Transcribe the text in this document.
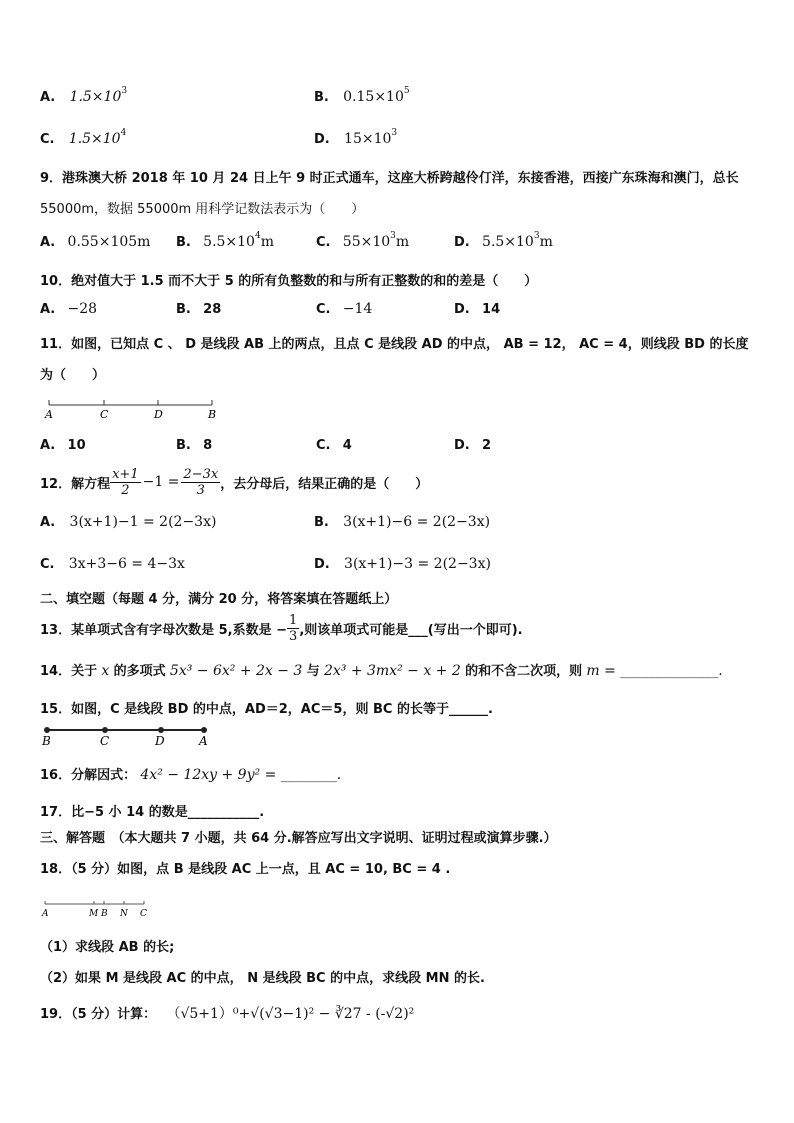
A. $1.5\times 10^3$	B. $0.15\times 10^5$
C. $1.5\times 10^4$	D. $15\times 10^3$
9．港珠澳大桥 2018 年 10 月 24 日上午 9 时正式通车，这座大桥跨越伶仃洋，东接香港，西接广东珠海和澳门，总长
55000m，数据 55000m 用科学记数法表示为（　　）
A. 0.55×105m B. $5.5\times 10^4m$	C. $55\times 10^3m$	D. $5.5\times 10^3m$
10．绝对值大于 1.5 而不大于 5 的所有负整数的和与所有正整数的和的差是（　　）
A. −28	B. 28	C. −14	D. 14
11．如图，已知点 C 、 D 是线段 AB 上的两点，且点 C 是线段 AD 的中点， AB = 12， AC = 4，则线段 BD 的长度
为（　　）
A	C	D	B
A. 10	B. 8	C. 4	D. 2
12．解方程 $\frac{x+1}{2} -1 = \frac{2-3x}{3}$ ，去分母后，结果正确的是（　　）
A. 3(x+1)−1 = 2(2−3x)	B. 3(x+1)−6 = 2(2−3x)
C. 3x+3−6 = 4−3x	D. 3(x+1)−3 = 2(2−3x)
二、填空题（每题 4 分，满分 20 分，将答案填在答题纸上）
13．某单项式含有字母次数是 5,系数是 − $\frac{1}{3}$ ,则该单项式可能是___(写出一个即可).
14．关于 x 的多项式 5x³ − 6x² + 2x − 3 与 2x³ + 3mx² − x + 2 的和不含二次项，则 m = ______________.
15．如图，C 是线段 BD 的中点，AD＝2，AC＝5，则 BC 的长等于______.
B	C	D	A
16．分解因式： 4x² − 12xy + 9y² = ________.
17．比−5 小 14 的数是___________.
三、解答题　（本大题共 7 小题，共 64 分.解答应写出文字说明、证明过程或演算步骤.）
18．（5 分）如图，点 B 是线段 AC 上一点，且 AC = 10, BC = 4 .
A	M B N C
（1）求线段 AB 的长;
（2）如果 M 是线段 AC 的中点， N 是线段 BC 的中点，求线段 MN 的长.
19．（5 分）计算： （√5+1）⁰+√(√3−1)² − ∛27 - (-√2)²
